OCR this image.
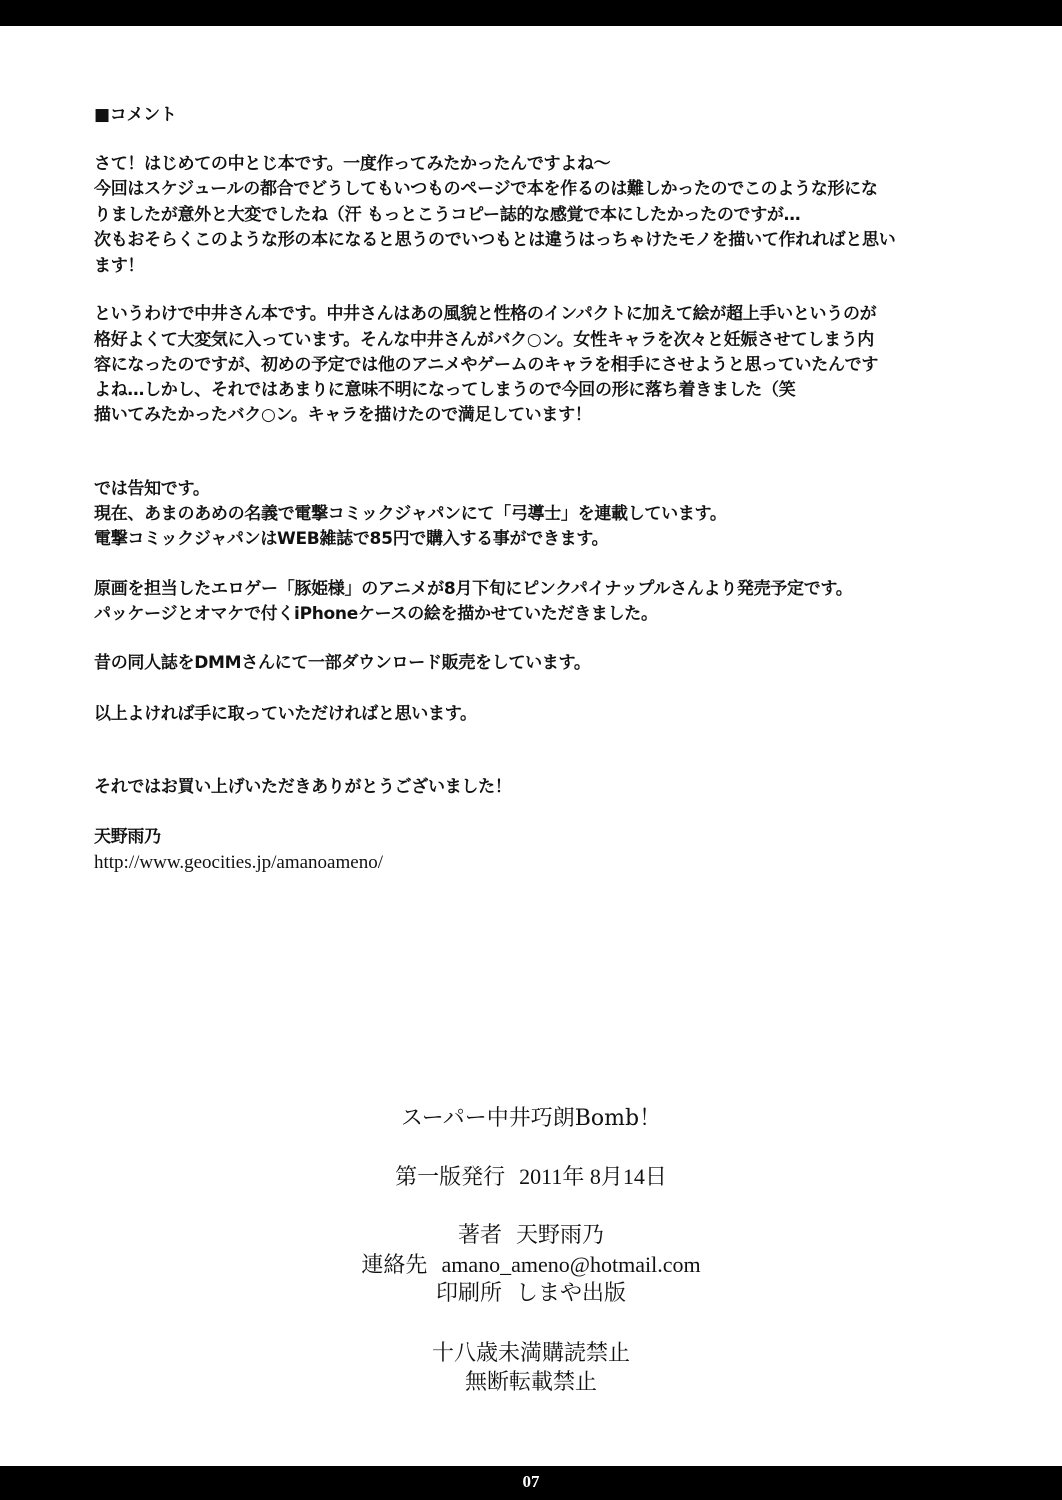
■コメント
さて！はじめての中とじ本です。一度作ってみたかったんですよね〜
今回はスケジュールの都合でどうしてもいつものページで本を作るのは難しかったのでこのような形にな
りましたが意外と大変でしたね（汗 もっとこうコピー誌的な感覚で本にしたかったのですが…
次もおそらくこのような形の本になると思うのでいつもとは違うはっちゃけたモノを描いて作れればと思い
ます！
というわけで中井さん本です。中井さんはあの風貌と性格のインパクトに加えて絵が超上手いというのが
格好よくて大変気に入っています。そんな中井さんがバク○ン。女性キャラを次々と妊娠させてしまう内
容になったのですが、初めの予定では他のアニメやゲームのキャラを相手にさせようと思っていたんです
よね…しかし、それではあまりに意味不明になってしまうので今回の形に落ち着きました（笑
描いてみたかったバク○ン。キャラを描けたので満足しています！
では告知です。
現在、あまのあめの名義で電撃コミックジャパンにて「弓導士」を連載しています。
電撃コミックジャパンはWEB雑誌で85円で購入する事ができます。
原画を担当したエロゲー「豚姫様」のアニメが8月下旬にピンクパイナップルさんより発売予定です。
パッケージとオマケで付くiPhoneケースの絵を描かせていただきました。
昔の同人誌をDMMさんにて一部ダウンロード販売をしています。
以上よければ手に取っていただければと思います。
それではお買い上げいただきありがとうございました！
天野雨乃
http://www.geocities.jp/amanoameno/
スーパー中井巧朗Bomb！
第一版発行 2011年 8月14日
著者 天野雨乃
連絡先 amano_ameno@hotmail.com
印刷所 しまや出版
十八歳未満購読禁止
無断転載禁止
07
